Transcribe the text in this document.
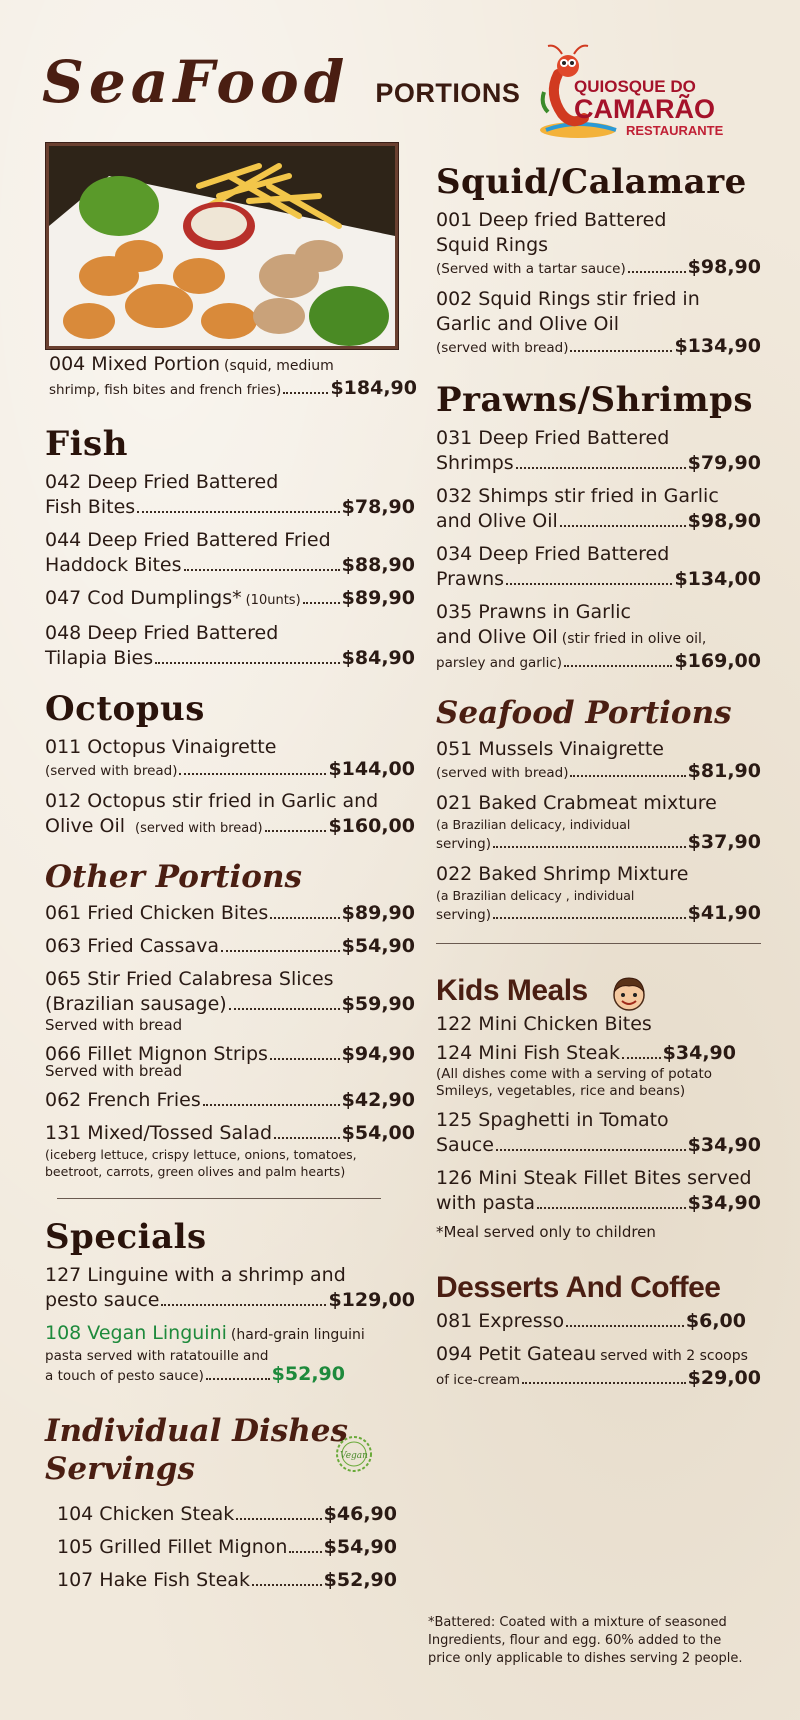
SeaFood PORTIONS	QUIOSQUE DO
CAMARÃO
RESTAURANTE
004 Mixed Portion (squid, medium
shrimp, fish bites and french fries)	$184,90
Fish
042 Deep Fried Battered
Fish Bites	$78,90
044 Deep Fried Battered Fried
Haddock Bites	$88,90
047 Cod Dumplings* (10unts) $89,90
048 Deep Fried Battered
Tilapia Bies	$84,90
Octopus
011 Octopus Vinaigrette
(served with bread)	$144,00
012 Octopus stir fried in Garlic and
Olive Oil (served with bread)	$160,00
Other Portions
061 Fried Chicken Bites	$89,90
063 Fried Cassava	$54,90
065 Stir Fried Calabresa Slices
(Brazilian sausage)	$59,90
Served with bread
066 Fillet Mignon Strips	$94,90
Served with bread
062 French Fries	$42,90
131 Mixed/Tossed Salad	$54,00
(iceberg lettuce, crispy lettuce, onions, tomatoes,
beetroot, carrots, green olives and palm hearts)
Specials
127 Linguine with a shrimp and
pesto sauce	$129,00
108 Vegan Linguini (hard-grain linguini
pasta served with ratatouille and
a touch of pesto sauce)	$52,90
Individual Dishes
Servings
104 Chicken Steak	$46,90
105 Grilled Fillet Mignon $54,90
107 Hake Fish Steak	$52,90
Vegan
Squid/Calamare
001 Deep fried Battered
Squid Rings
(Served with a tartar sauce)	$98,90
002 Squid Rings stir fried in
Garlic and Olive Oil
(served with bread)	$134,90
Prawns/Shrimps
031 Deep Fried Battered
Shrimps	$79,90
032 Shimps stir fried in Garlic
and Olive Oil	$98,90
034 Deep Fried Battered
Prawns	$134,00
035 Prawns in Garlic
and Olive Oil (stir fried in olive oil,
parsley and garlic)	$169,00
Seafood Portions
051 Mussels Vinaigrette
(served with bread)	$81,90
021 Baked Crabmeat mixture
(a Brazilian delicacy, individual
serving)	$37,90
022 Baked Shrimp Mixture
(a Brazilian delicacy , individual
serving)	$41,90
Kids Meals
122 Mini Chicken Bites
124 Mini Fish Steak $34,90
(All dishes come with a serving of potato
Smileys, vegetables, rice and beans)
125 Spaghetti in Tomato
Sauce	$34,90
126 Mini Steak Fillet Bites served
with pasta	$34,90
*Meal served only to children
Desserts And Coffee
081 Expresso	$6,00
094 Petit Gateau served with 2 scoops
of ice-cream	$29,00
*Battered: Coated with a mixture of seasoned
Ingredients, flour and egg. 60% added to the
price only applicable to dishes serving 2 people.
